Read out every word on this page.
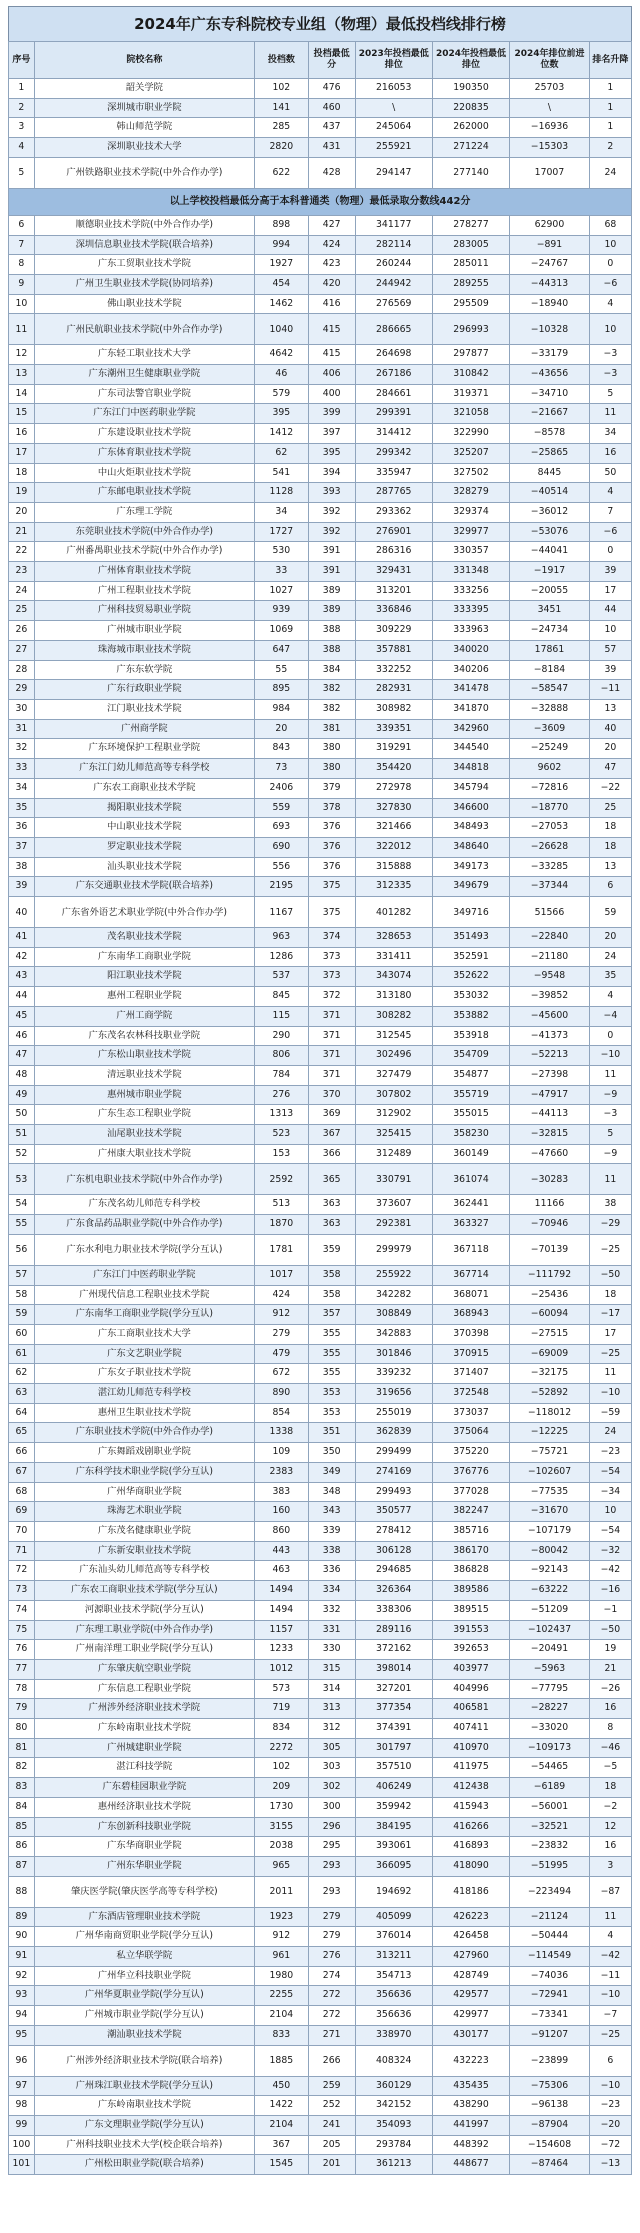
2024年广东专科院校专业组（物理）最低投档线排行榜
序号	院校名称	投档数	投档最低分	2023年投档最低排位	2024年投档最低排位	2024年排位前进位数	排名升降
1	韶关学院	102	476	216053	190350	25703	1
2	深圳城市职业学院	141	460	\	220835	\	1
3	韩山师范学院	285	437	245064	262000	−16936	1
4	深圳职业技术大学	2820	431	255921	271224	−15303	2
5	广州铁路职业技术学院(中外合作办学)	622	428	294147	277140	17007	24
以上学校投档最低分高于本科普通类（物理）最低录取分数线442分							
6	顺德职业技术学院(中外合作办学)	898	427	341177	278277	62900	68
7	深圳信息职业技术学院(联合培养)	994	424	282114	283005	−891	10
8	广东工贸职业技术学院	1927	423	260244	285011	−24767	0
9	广州卫生职业技术学院(协同培养)	454	420	244942	289255	−44313	−6
10	佛山职业技术学院	1462	416	276569	295509	−18940	4
11	广州民航职业技术学院(中外合作办学)	1040	415	286665	296993	−10328	10
12	广东轻工职业技术大学	4642	415	264698	297877	−33179	−3
13	广东潮州卫生健康职业学院	46	406	267186	310842	−43656	−3
14	广东司法警官职业学院	579	400	284661	319371	−34710	5
15	广东江门中医药职业学院	395	399	299391	321058	−21667	11
16	广东建设职业技术学院	1412	397	314412	322990	−8578	34
17	广东体育职业技术学院	62	395	299342	325207	−25865	16
18	中山火炬职业技术学院	541	394	335947	327502	8445	50
19	广东邮电职业技术学院	1128	393	287765	328279	−40514	4
20	广东理工学院	34	392	293362	329374	−36012	7
21	东莞职业技术学院(中外合作办学)	1727	392	276901	329977	−53076	−6
22	广州番禺职业技术学院(中外合作办学)	530	391	286316	330357	−44041	0
23	广州体育职业技术学院	33	391	329431	331348	−1917	39
24	广州工程职业技术学院	1027	389	313201	333256	−20055	17
25	广州科技贸易职业学院	939	389	336846	333395	3451	44
26	广州城市职业学院	1069	388	309229	333963	−24734	10
27	珠海城市职业技术学院	647	388	357881	340020	17861	57
28	广东东软学院	55	384	332252	340206	−8184	39
29	广东行政职业学院	895	382	282931	341478	−58547	−11
30	江门职业技术学院	984	382	308982	341870	−32888	13
31	广州商学院	20	381	339351	342960	−3609	40
32	广东环境保护工程职业学院	843	380	319291	344540	−25249	20
33	广东江门幼儿师范高等专科学校	73	380	354420	344818	9602	47
34	广东农工商职业技术学院	2406	379	272978	345794	−72816	−22
35	揭阳职业技术学院	559	378	327830	346600	−18770	25
36	中山职业技术学院	693	376	321466	348493	−27053	18
37	罗定职业技术学院	690	376	322012	348640	−26628	18
38	汕头职业技术学院	556	376	315888	349173	−33285	13
39	广东交通职业技术学院(联合培养)	2195	375	312335	349679	−37344	6
40	广东省外语艺术职业学院(中外合作办学)	1167	375	401282	349716	51566	59
41	茂名职业技术学院	963	374	328653	351493	−22840	20
42	广东南华工商职业学院	1286	373	331411	352591	−21180	24
43	阳江职业技术学院	537	373	343074	352622	−9548	35
44	惠州工程职业学院	845	372	313180	353032	−39852	4
45	广州工商学院	115	371	308282	353882	−45600	−4
46	广东茂名农林科技职业学院	290	371	312545	353918	−41373	0
47	广东松山职业技术学院	806	371	302496	354709	−52213	−10
48	清远职业技术学院	784	371	327479	354877	−27398	11
49	惠州城市职业学院	276	370	307802	355719	−47917	−9
50	广东生态工程职业学院	1313	369	312902	355015	−44113	−3
51	汕尾职业技术学院	523	367	325415	358230	−32815	5
52	广州康大职业技术学院	153	366	312489	360149	−47660	−9
53	广东机电职业技术学院(中外合作办学)	2592	365	330791	361074	−30283	11
54	广东茂名幼儿师范专科学校	513	363	373607	362441	11166	38
55	广东食品药品职业学院(中外合作办学)	1870	363	292381	363327	−70946	−29
56	广东水利电力职业技术学院(学分互认)	1781	359	299979	367118	−70139	−25
57	广东江门中医药职业学院	1017	358	255922	367714	−111792	−50
58	广州现代信息工程职业技术学院	424	358	342282	368071	−25436	18
59	广东南华工商职业学院(学分互认)	912	357	308849	368943	−60094	−17
60	广东工商职业技术大学	279	355	342883	370398	−27515	17
61	广东文艺职业学院	479	355	301846	370915	−69009	−25
62	广东女子职业技术学院	672	355	339232	371407	−32175	11
63	湛江幼儿师范专科学校	890	353	319656	372548	−52892	−10
64	惠州卫生职业技术学院	854	353	255019	373037	−118012	−59
65	广东职业技术学院(中外合作办学)	1338	351	362839	375064	−12225	24
66	广东舞蹈戏剧职业学院	109	350	299499	375220	−75721	−23
67	广东科学技术职业学院(学分互认)	2383	349	274169	376776	−102607	−54
68	广州华商职业学院	383	348	299493	377028	−77535	−34
69	珠海艺术职业学院	160	343	350577	382247	−31670	10
70	广东茂名健康职业学院	860	339	278412	385716	−107179	−54
71	广东新安职业技术学院	443	338	306128	386170	−80042	−32
72	广东汕头幼儿师范高等专科学校	463	336	294685	386828	−92143	−42
73	广东农工商职业技术学院(学分互认)	1494	334	326364	389586	−63222	−16
74	河源职业技术学院(学分互认)	1494	332	338306	389515	−51209	−1
75	广东理工职业学院(中外合作办学)	1157	331	289116	391553	−102437	−50
76	广州南洋理工职业学院(学分互认)	1233	330	372162	392653	−20491	19
77	广东肇庆航空职业学院	1012	315	398014	403977	−5963	21
78	广东信息工程职业学院	573	314	327201	404996	−77795	−26
79	广州涉外经济职业技术学院	719	313	377354	406581	−28227	16
80	广东岭南职业技术学院	834	312	374391	407411	−33020	8
81	广州城建职业学院	2272	305	301797	410970	−109173	−46
82	湛江科技学院	102	303	357510	411975	−54465	−5
83	广东碧桂园职业学院	209	302	406249	412438	−6189	18
84	惠州经济职业技术学院	1730	300	359942	415943	−56001	−2
85	广东创新科技职业学院	3155	296	384195	416266	−32521	12
86	广东华商职业学院	2038	295	393061	416893	−23832	16
87	广州东华职业学院	965	293	366095	418090	−51995	3
88	肇庆医学院(肇庆医学高等专科学校)	2011	293	194692	418186	−223494	−87
89	广东酒店管理职业技术学院	1923	279	405099	426223	−21124	11
90	广州华南商贸职业学院(学分互认)	912	279	376014	426458	−50444	4
91	私立华联学院	961	276	313211	427960	−114549	−42
92	广州华立科技职业学院	1980	274	354713	428749	−74036	−11
93	广州华夏职业学院(学分互认)	2255	272	356636	429577	−72941	−10
94	广州城市职业学院(学分互认)	2104	272	356636	429977	−73341	−7
95	潮汕职业技术学院	833	271	338970	430177	−91207	−25
96	广州涉外经济职业技术学院(联合培养)	1885	266	408324	432223	−23899	6
97	广州珠江职业技术学院(学分互认)	450	259	360129	435435	−75306	−10
98	广东岭南职业技术学院	1422	252	342152	438290	−96138	−23
99	广东文理职业学院(学分互认)	2104	241	354093	441997	−87904	−20
100	广州科技职业技术大学(校企联合培养)	367	205	293784	448392	−154608	−72
101	广州松田职业学院(联合培养)	1545	201	361213	448677	−87464	−13
